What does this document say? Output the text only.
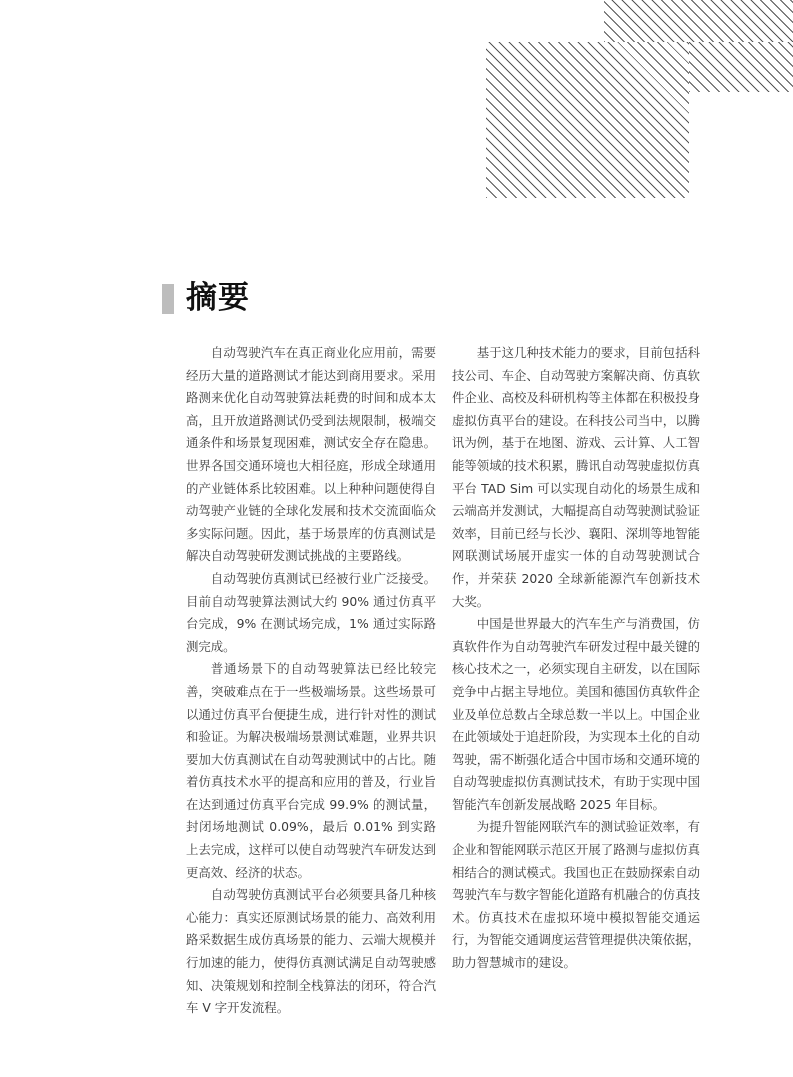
摘要

自动驾驶汽车在真正商业化应用前，需要经历大量的道路测试才能达到商用要求。采用路测来优化自动驾驶算法耗费的时间和成本太高，且开放道路测试仍受到法规限制，极端交通条件和场景复现困难，测试安全存在隐患。世界各国交通环境也大相径庭，形成全球通用的产业链体系比较困难。以上种种问题使得自动驾驶产业链的全球化发展和技术交流面临众多实际问题。因此，基于场景库的仿真测试是解决自动驾驶研发测试挑战的主要路线。

自动驾驶仿真测试已经被行业广泛接受。目前自动驾驶算法测试大约 90% 通过仿真平台完成，9% 在测试场完成，1% 通过实际路测完成。

普通场景下的自动驾驶算法已经比较完善，突破难点在于一些极端场景。这些场景可以通过仿真平台便捷生成，进行针对性的测试和验证。为解决极端场景测试难题，业界共识要加大仿真测试在自动驾驶测试中的占比。随着仿真技术水平的提高和应用的普及，行业旨在达到通过仿真平台完成 99.9% 的测试量，封闭场地测试 0.09%，最后 0.01% 到实路上去完成，这样可以使自动驾驶汽车研发达到更高效、经济的状态。

自动驾驶仿真测试平台必须要具备几种核心能力：真实还原测试场景的能力、高效利用路采数据生成仿真场景的能力、云端大规模并行加速的能力，使得仿真测试满足自动驾驶感知、决策规划和控制全栈算法的闭环，符合汽车 V 字开发流程。

基于这几种技术能力的要求，目前包括科技公司、车企、自动驾驶方案解决商、仿真软件企业、高校及科研机构等主体都在积极投身虚拟仿真平台的建设。在科技公司当中，以腾讯为例，基于在地图、游戏、云计算、人工智能等领域的技术积累，腾讯自动驾驶虚拟仿真平台 TAD Sim 可以实现自动化的场景生成和云端高并发测试，大幅提高自动驾驶测试验证效率，目前已经与长沙、襄阳、深圳等地智能网联测试场展开虚实一体的自动驾驶测试合作，并荣获 2020 全球新能源汽车创新技术大奖。

中国是世界最大的汽车生产与消费国，仿真软件作为自动驾驶汽车研发过程中最关键的核心技术之一，必须实现自主研发，以在国际竞争中占据主导地位。美国和德国仿真软件企业及单位总数占全球总数一半以上。中国企业在此领域处于追赶阶段，为实现本土化的自动驾驶，需不断强化适合中国市场和交通环境的自动驾驶虚拟仿真测试技术，有助于实现中国智能汽车创新发展战略 2025 年目标。

为提升智能网联汽车的测试验证效率，有企业和智能网联示范区开展了路测与虚拟仿真相结合的测试模式。我国也正在鼓励探索自动驾驶汽车与数字智能化道路有机融合的仿真技术。仿真技术在虚拟环境中模拟智能交通运行，为智能交通调度运营管理提供决策依据，助力智慧城市的建设。
